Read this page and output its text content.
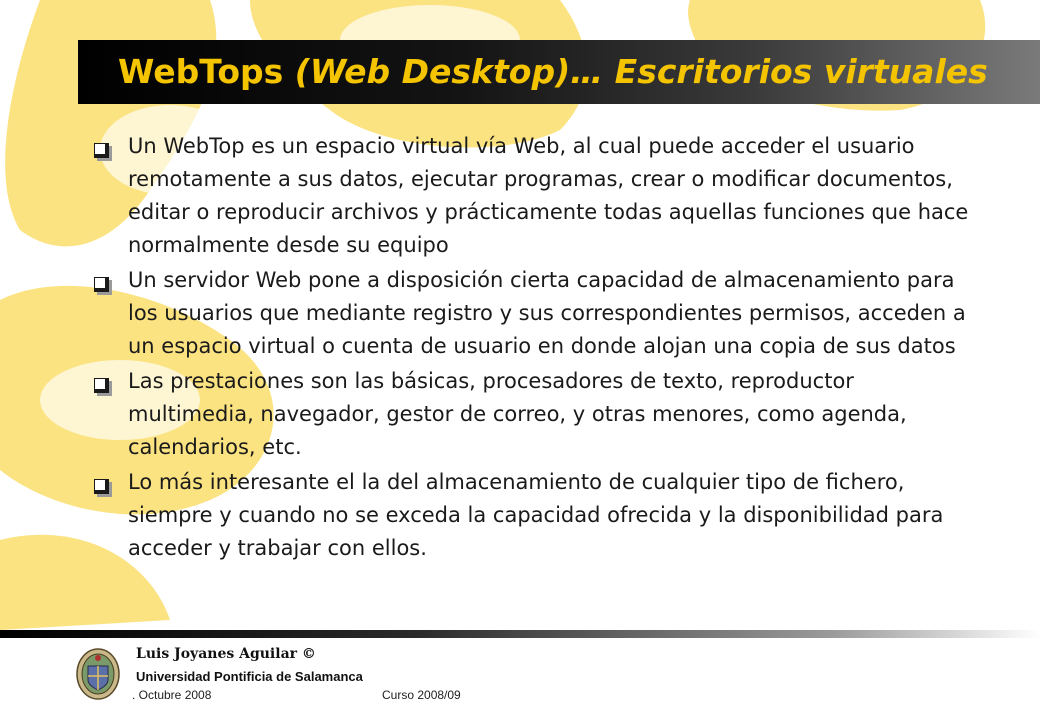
WebTops (Web Desktop)… Escritorios virtuales
Un WebTop es un espacio virtual vía Web, al cual puede acceder el usuario remotamente a sus datos, ejecutar programas, crear o modificar documentos, editar o reproducir archivos y prácticamente todas aquellas funciones que hace normalmente desde su equipo
Un servidor Web pone a disposición cierta capacidad de almacenamiento para los usuarios que mediante registro y sus correspondientes permisos, acceden a un espacio virtual o cuenta de usuario en donde alojan una copia de sus datos
Las prestaciones son las básicas, procesadores de texto, reproductor multimedia, navegador, gestor de correo, y otras menores, como agenda, calendarios, etc.
Lo más interesante el la del almacenamiento de cualquier tipo de fichero, siempre y cuando no se exceda la capacidad ofrecida y la disponibilidad para acceder y trabajar con ellos.
Luis Joyanes Aguilar ©
Universidad Pontificia de Salamanca
. Octubre 2008	Curso 2008/09
